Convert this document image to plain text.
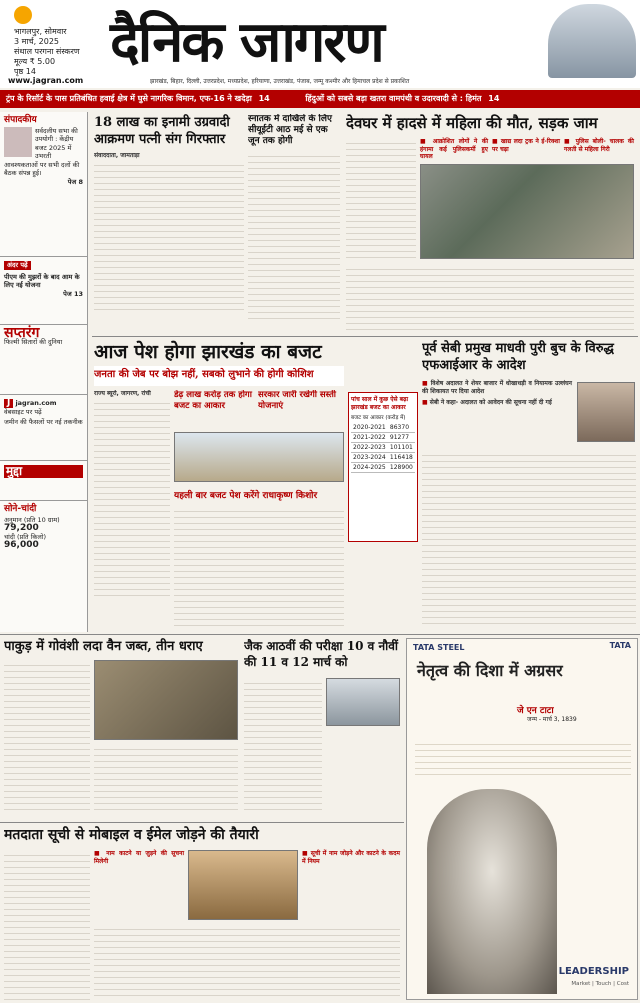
भागलपुर, सोमवार
3 मार्च, 2025
संथाल परगना संस्करण
मूल्य ₹ 5.00
पृष्ठ 14	दैनिक जागरण
www.jagran.com	झारखंड, बिहार, दिल्ली, उत्तरप्रदेश, मध्यप्रदेश, हरियाणा, उत्तराखंड, पंजाब, जम्मू कश्मीर और हिमाचल प्रदेश से प्रकाशित
ट्रंप के रिसॉर्ट के पास प्रतिबंधित हवाई क्षेत्र में घुसे नागरिक विमान, एफ-16 ने खदेड़ा 14	हिंदुओं को सबसे बड़ा खतरा वामपंथी व उदारवादी से : हिमंत 14
संपादकीय
सर्वदलीय सभा की उपयोगी : केंद्रीय बजट 2025 में उभरती आवश्यकताओं पर सभी दलों की बैठक संपन्न हुई।
पेज 8
अंदर पढ़ें
पीएम की मुझरों के बाद आम के लिए नई योजना
पेज 13
सप्तरंग
फिल्मी सितारों की दुनिया
J jagran.com
वेबसाइट पर पढ़ें
जमीन की फैसलों पर नई तकनीक
मुद्दा
सोने-चांदी
अनुमान (प्रति 10 ग्राम)
79,200
चांदी (प्रति किलो)
96,000
18 लाख का इनामी उग्रवादी आक्रमण पत्नी संग गिरफ्तार
संवाददाता, जामताड़ा
स्नातक में दाखिले के लिए सीयूईटी आठ मई से एक जून तक होगी
देवघर में हादसे में महिला की मौत, सड़क जाम
■ आक्रोशित लोगों ने की हंगामा कई पुलिसकर्मी हुए घायल
■ खाद्य लदा ट्रक ने ई-रिक्शा पर चढ़ा
■ पुलिस बोली- चालक की गलती से महिला गिरी
आज पेश होगा झारखंड का बजट
जनता की जेब पर बोझ नहीं, सबको लुभाने की होगी कोशिश
राज्य ब्यूरो, जागरण, रांची	डेढ़ लाख करोड़ तक होगा बजट का आकार
सरकार जारी रखेगी सस्ती योजनाएं
यहली बार बजट पेश करेंगे राधाकृष्ण किशोर
पांच साल में कुछ ऐसे बढ़ा झारखंड बजट का आकार
बजट का आकार (करोड़ में)
2020-2021	86370
2021-2022	91277
2022-2023	101101
2023-2024	116418
2024-2025	128900
पूर्व सेबी प्रमुख माधवी पुरी बुच के विरुद्ध एफआईआर के आदेश
■ विशेष अदालत ने शेयर बाजार में धोखाधड़ी व नियामक उल्लंघन की शिकायत पर दिया आदेश
■ सेबी ने कहा- अदालत को आवेदन की सूचना नहीं दी गई
पाकुड़ में गोवंशी लदा वैन जब्त, तीन धराए	जैक आठवीं की परीक्षा 10 व नौवीं की 11 व 12 मार्च को
TATA STEEL	TATA
नेतृत्व की दिशा में अग्रसर
जे एन टाटा
जन्म - मार्च 3, 1839
LEADERSHIP
Market | Touch | Cost
मतदाता सूची से मोबाइल व ईमेल जोड़ने की तैयारी
■ नाम काटने या जुड़ने की सूचना मिलेगी
■ सूची में नाम जोड़ने और काटने के कदम में नियम
